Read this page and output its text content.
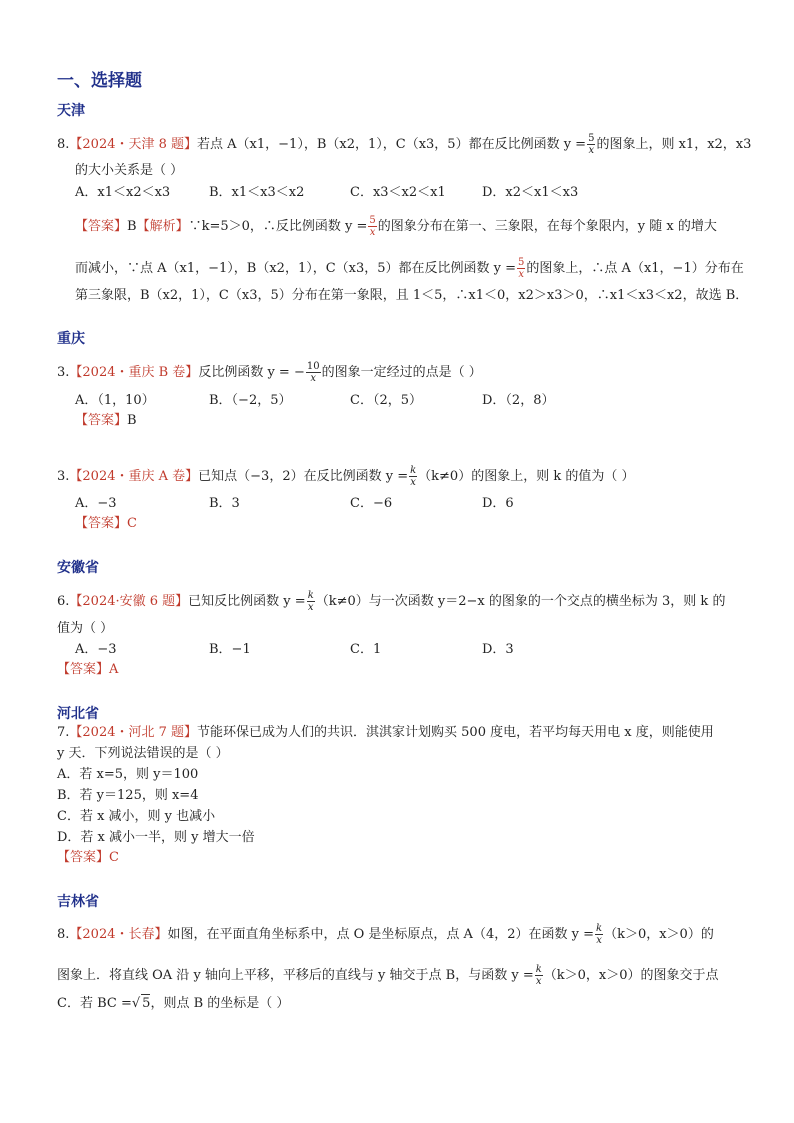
一、选择题
天津
8.【2024・天津 8 题】若点 A（x1，−1），B（x2，1），C（x3，5）都在反比例函数 $y = \frac{5}{x}$ 的图象上，则 x1，x2，x3
的大小关系是（ ）
A．x1＜x2＜x3	B．x1＜x3＜x2	C．x3＜x2＜x1	D．x2＜x1＜x3
【答案】B【解析】∵k=5＞0，∴反比例函数 $y = \frac{5}{x}$ 的图象分布在第一、三象限，在每个象限内，y 随 x 的增大
而减小，∵点 A（x1，−1），B（x2，1），C（x3，5）都在反比例函数 $y = \frac{5}{x}$ 的图象上，∴点 A（x1，−1）分布在
第三象限，B（x2，1），C（x3，5）分布在第一象限，且 1＜5，∴x1＜0，x2＞x3＞0，∴x1＜x3＜x2，故选 B．
重庆
3.【2024・重庆 B 卷】反比例函数 y = − $\frac{10}{x}$ 的图象一定经过的点是（ ）
A．（1，10）	B．（−2，5）	C．（2，5）	D．（2，8）
【答案】B
3.【2024・重庆 A 卷】已知点（−3，2）在反比例函数 $y = \frac{k}{x} (k\ne 0)$的图象上，则 k 的值为（ ）
A．−3	B．3	C．−6	D．6
【答案】C
安徽省
6.【2024·安徽 6 题】已知反比例函数 $y = \frac{k}{x} (k\ne 0)$与一次函数 y＝2−x 的图象的一个交点的横坐标为 3，则 k 的
值为（ ）
A．−3	B．−1	C．1	D．3
【答案】A
河北省
7.【2024・河北 7 题】节能环保已成为人们的共识．淇淇家计划购买 500 度电，若平均每天用电 x 度，则能使用
y 天．下列说法错误的是（ ）
A．若 x=5，则 y＝100
B．若 y＝125，则 x=4
C．若 x 减小，则 y 也减小
D．若 x 减小一半，则 y 增大一倍
【答案】C
吉林省
8.【2024・长春】如图，在平面直角坐标系中，点 O 是坐标原点，点 A（4，2）在函数 $y = \frac{k}{x} (k>0$，x＞0）的
图象上．将直线 OA 沿 y 轴向上平移，平移后的直线与 y 轴交于点 B，与函数 $y = \frac{k}{x} (k>0$，x＞0）的图象交于点
C．若 BC =√ 5，则点 B 的坐标是（ ）
